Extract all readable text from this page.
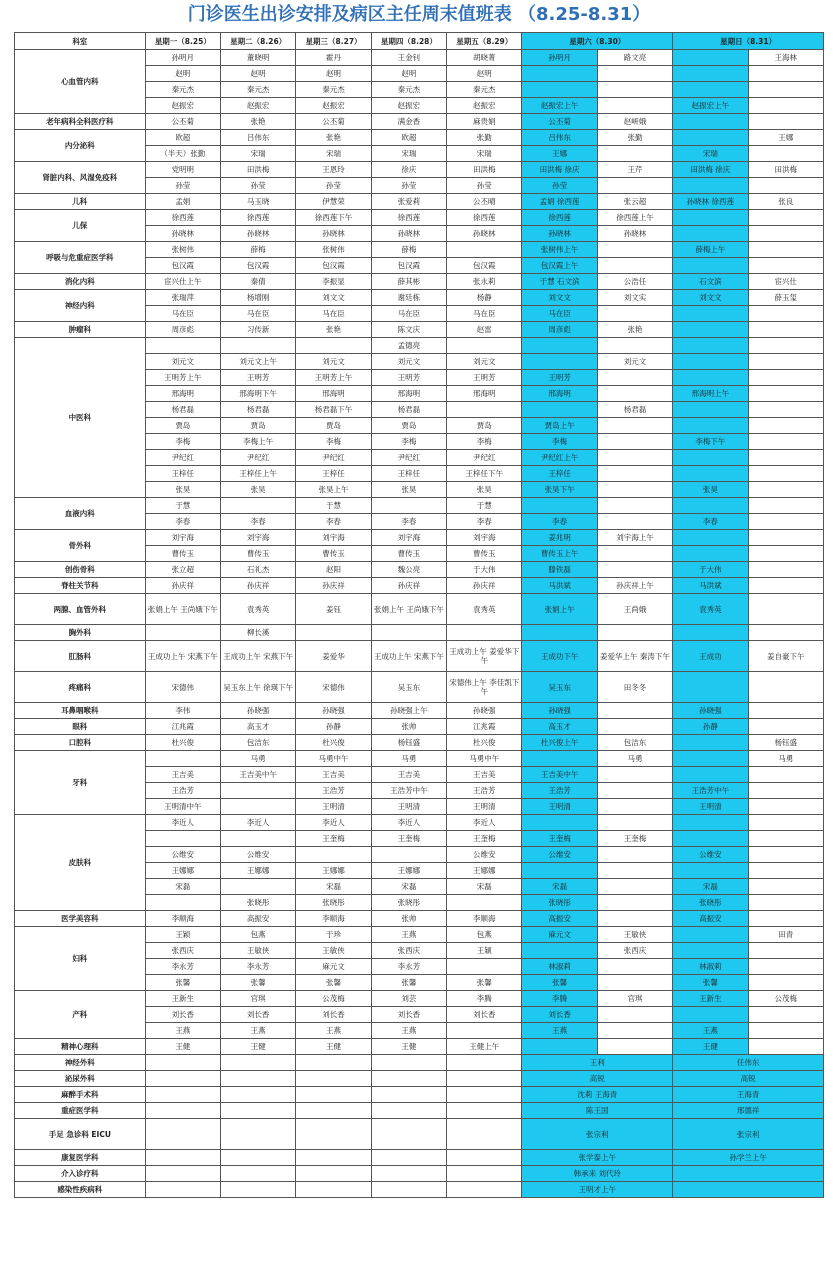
门诊医生出诊安排及病区主任周末值班表 （8.25-8.31）
科室	星期一（8.25）	星期二（8.26）	星期三（8.27）	星期四（8.28）	星期五（8.29）	星期六（8.30）		星期日（8.31）	
心血管内科	孙明月	董晓明	霍丹	王金钊	胡晓菁	孙明月	路文亮		王海林
	赵明	赵明	赵明	赵明	赵明				
	秦元杰	秦元杰	秦元杰	秦元杰	秦元杰				
	赵振宏	赵振宏	赵振宏	赵振宏	赵振宏	赵振宏上午		赵振宏上午	
老年病科全科医疗科	公丕菊	张艳	公丕菊	满金香	麻贵娟	公丕菊	赵岍娥		
内分泌科	欧超	吕伟东	张艳	欧超	张勤	吕伟东	张勤		王娜
	（半天）张勤	宋瑞	宋瑞	宋瑞	宋瑞	王娜		宋瑞	
肾脏内科、风湿免疫科	党明明	田洪梅	王恩玲	徐庆	田洪梅	田洪梅 徐庆	王芹	田洪梅 徐庆	田洪梅
	孙莹	孙莹	孙莹	孙莹	孙莹	孙莹			
儿科	孟娟	马玉晓	伊慧荣	张爱莉	公丕晴	孟娟 徐西莲	张云超	孙晓林 徐西莲	张良
儿保	徐西莲	徐西莲	徐西莲下午	徐西莲	徐西莲	徐西莲	徐西莲上午		
	孙晓林	孙晓林	孙晓林	孙晓林	孙晓林	孙晓林	孙晓林		
呼吸与危重症医学科	张树伟	薛梅	张树伟	薛梅		张树伟上午		薛梅上午	
	包汉霞	包汉霞	包汉霞	包汉霞	包汉霞	包汉霞上午			
消化内科	宦兴仕上午	秦倩	李振显	薛其彬	张永莉	于慧 石文滨	公浩任	石文滨	宦兴仕
神经内科	张瑞萍	杨增刚	刘文文	谢廷栋	杨静	刘文文	刘文实	刘文文	薛玉玺
	马在臣	马在臣	马在臣	马在臣	马在臣	马在臣			
肿瘤科	周彦彪	习传新	张艳	陈文庆	赵雷	周彦彪	张艳		
中医科				孟德亮					
	刘元文	刘元文上午	刘元文	刘元文	刘元文		刘元文		
	王明芳上午	王明芳	王明芳上午	王明芳	王明芳	王明芳			
	邢海明	邢海明下午	邢海明	邢海明	邢海明	邢海明		邢海明上午	
	杨君磊	杨君磊	杨君磊下午	杨君磊			杨君磊		
	贾岛	贾岛	贾岛	贾岛	贾岛	贾岛上午			
	李梅	李梅上午	李梅	李梅	李梅	李梅		李梅下午	
	尹纪红	尹纪红	尹纪红	尹纪红	尹纪红	尹纪红上午			
	王梓任	王梓任上午	王梓任	王梓任	王梓任下午	王梓任			
	张昊	张昊	张昊上午	张昊	张昊	张昊下午		张昊	
血液内科	于慧		于慧		于慧				
	李春	李春	李春	李春	李春	李春		李春	
骨外科	刘宇海	刘宇海	刘宇海	刘宇海	刘宇海	姜兆明	刘宇海上午		
	曹传玉	曹传玉	曹传玉	曹传玉	曹传玉	曹传玉上午			
创伤骨科	张立超	石礼杰	赵阳	魏公亮	于大伟	滕铁磊		于大伟	
脊柱关节科	孙庆祥	孙庆祥	孙庆祥	孙庆祥	孙庆祥	马洪斌	孙庆祥上午	马洪斌	
两腺、血管外科	张娟上午 王尚娥下午	袁秀英	姜钰	张娟上午 王尚娥下午	袁秀英	张娟上午	王尚娥	袁秀英	
胸外科		柳长溪							
肛肠科	王成功上午 宋燕下午	王成功上午 宋燕下午	姜爱华	王成功上午 宋燕下午	王成功上午 姜爱华下午	王成功下午	姜爱华上午 秦涛下午	王成功	姜自豪下午
疼痛科	宋德伟	吴玉东上午 徐瑛下午	宋德伟	吴玉东	宋德伟上午 李佳凯下午	吴玉东	田冬冬		
耳鼻咽喉科	李伟	孙晓强	孙晓强	孙晓强上午	孙晓强	孙晓强		孙晓强	
眼科	江兆霞	高玉才	孙静	张帅	江兆霞	高玉才		孙静	
口腔科	杜兴俊	包洁东	杜兴俊	杨钰盛	杜兴俊	杜兴俊上午	包洁东		杨钰盛
牙科		马勇	马勇中午	马勇	马勇中午		马勇		马勇
	王吉美	王吉美中午	王吉美	王吉美	王吉美	王吉美中午			
	王浩芳		王浩芳	王浩芳中午	王浩芳	王浩芳		王浩芳中午	
	王明清中午		王明清	王明清	王明清	王明清		王明清	
皮肤科	李近人	李近人	李近人	李近人	李近人				
			王奎梅	王奎梅	王奎梅	王奎梅	王奎梅		
	公维安	公维安			公维安	公维安		公维安	
	王娜娜	王娜娜	王娜娜	王娜娜	王娜娜				
	宋磊		宋磊	宋磊	宋磊	宋磊		宋磊	
		张晓彤	张晓彤	张晓彤		张晓彤		张晓彤	
医学美容科	李顺海	高振安	李顺海	张帅	李顺海	高振安		高振安	
妇科	王颖	包燕	于珍	王燕	包燕	麻元文	王敏侠		田青
	张西庆	王敏侠	王敏侠	张西庆	王颖		张西庆		
	李永芳	李永芳	麻元文	李永芳		林淑莉		林淑莉	
	张馨	张馨	张馨	张馨	张馨	张馨		张馨	
产科	王新生	官琪	公茂梅	刘芸	李腾	李腾	官琪	王新生	公茂梅
	刘长香	刘长香	刘长香	刘长香	刘长香	刘长香			
	王燕	王燕	王燕	王燕		王燕		王燕	
精神心理科	王健	王健	王健	王健	王健上午			王健	
神经外科						王利		任伟东	
泌尿外科						高锐		高锐	
麻醉手术科						沈莉 王海青		王海青	
重症医学科						陈王国		邢德祥	
手足 急诊科 EICU						张宗利		张宗利	
康复医学科						张学泰上午		孙学兰上午	
介入诊疗科						韩承来 刘代玲			
感染性疾病科						王明才上午			
